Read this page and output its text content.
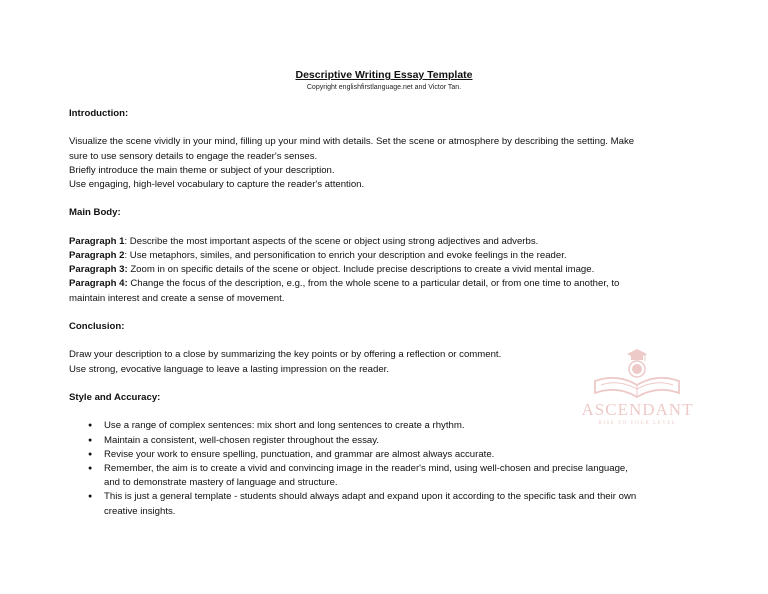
Descriptive Writing Essay Template
Copyright englishfirstlanguage.net and Victor Tan.

Introduction:

Visualize the scene vividly in your mind, filling up your mind with details. Set the scene or atmosphere by describing the setting. Make

sure to use sensory details to engage the reader's senses.

Briefly introduce the main theme or subject of your description.

Use engaging, high-level vocabulary to capture the reader's attention.

Main Body:

Paragraph 1: Describe the most important aspects of the scene or object using strong adjectives and adverbs.

Paragraph 2: Use metaphors, similes, and personification to enrich your description and evoke feelings in the reader.

Paragraph 3: Zoom in on specific details of the scene or object. Include precise descriptions to create a vivid mental image.

Paragraph 4: Change the focus of the description, e.g., from the whole scene to a particular detail, or from one time to another, to

maintain interest and create a sense of movement.

Conclusion:

Draw your description to a close by summarizing the key points or by offering a reflection or comment.

Use strong, evocative language to leave a lasting impression on the reader.

Style and Accuracy:

● Use a range of complex sentences: mix short and long sentences to create a rhythm.
● Maintain a consistent, well-chosen register throughout the essay.
● Revise your work to ensure spelling, punctuation, and grammar are almost always accurate.
● Remember, the aim is to create a vivid and convincing image in the reader's mind, using well-chosen and precise language,
and to demonstrate mastery of language and structure.
● This is just a general template - students should always adapt and expand upon it according to the specific task and their own
creative insights.
ASCENDANT
RISE TO YOUR LEVEL
